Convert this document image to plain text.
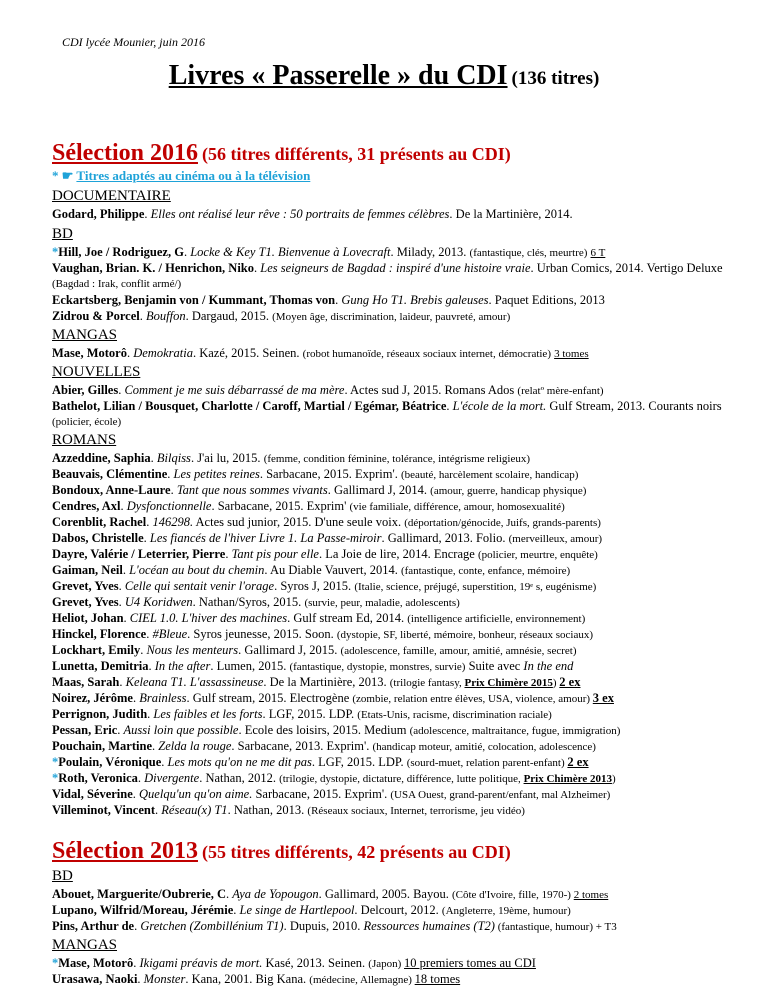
CDI lycée Mounier, juin 2016
Livres « Passerelle » du CDI (136 titres)
Sélection 2016 (56 titres différents, 31 présents au CDI)
* ☛ Titres adaptés au cinéma ou à la télévision
DOCUMENTAIRE
Godard, Philippe. Elles ont réalisé leur rêve : 50 portraits de femmes célèbres. De la Martinière, 2014.
BD
*Hill, Joe / Rodriguez, G. Locke & Key T1. Bienvenue à Lovecraft. Milady, 2013. (fantastique, clés, meurtre) 6 T
Vaughan, Brian. K. / Henrichon, Niko. Les seigneurs de Bagdad : inspiré d'une histoire vraie. Urban Comics, 2014. Vertigo Deluxe (Bagdad : Irak, conflit armé/)
Eckartsberg, Benjamin von / Kummant, Thomas von. Gung Ho T1. Brebis galeuses. Paquet Editions, 2013
Zidrou & Porcel. Bouffon. Dargaud, 2015. (Moyen âge, discrimination, laideur, pauvreté, amour)
MANGAS
Mase, Motorô. Demokratia. Kazé, 2015. Seinen. (robot humanoïde, réseaux sociaux internet, démocratie) 3 tomes
NOUVELLES
Abier, Gilles. Comment je me suis débarrassé de ma mère. Actes sud J, 2015. Romans Ados (relatº mère-enfant)
Bathelot, Lilian / Bousquet, Charlotte / Caroff, Martial / Egémar, Béatrice. L'école de la mort. Gulf Stream, 2013. Courants noirs (policier, école)
ROMANS
Azzeddine, Saphia. Bilqiss. J'ai lu, 2015. (femme, condition féminine, tolérance, intégrisme religieux)
Beauvais, Clémentine. Les petites reines. Sarbacane, 2015. Exprim'. (beauté, harcèlement scolaire, handicap)
Bondoux, Anne-Laure. Tant que nous sommes vivants. Gallimard J, 2014. (amour, guerre, handicap physique)
Cendres, Axl. Dysfonctionnelle. Sarbacane, 2015. Exprim' (vie familiale, différence, amour, homosexualité)
Corenblit, Rachel. 146298. Actes sud junior, 2015. D'une seule voix. (déportation/génocide, Juifs, grands-parents)
Dabos, Christelle. Les fiancés de l'hiver Livre 1. La Passe-miroir. Gallimard, 2013. Folio. (merveilleux, amour)
Dayre, Valérie / Leterrier, Pierre. Tant pis pour elle. La Joie de lire, 2014. Encrage (policier, meurtre, enquête)
Gaiman, Neil. L'océan au bout du chemin. Au Diable Vauvert, 2014. (fantastique, conte, enfance, mémoire)
Grevet, Yves. Celle qui sentait venir l'orage. Syros J, 2015. (Italie, science, préjugé, superstition, 19ᵉ s, eugénisme)
Grevet, Yves. U4 Koridwen. Nathan/Syros, 2015. (survie, peur, maladie, adolescents)
Heliot, Johan. CIEL 1.0. L'hiver des machines. Gulf stream Ed, 2014. (intelligence artificielle, environnement)
Hinckel, Florence. #Bleue. Syros jeunesse, 2015. Soon. (dystopie, SF, liberté, mémoire, bonheur, réseaux sociaux)
Lockhart, Emily. Nous les menteurs. Gallimard J, 2015. (adolescence, famille, amour, amitié, amnésie, secret)
Lunetta, Demitria. In the after. Lumen, 2015. (fantastique, dystopie, monstres, survie) Suite avec In the end
Maas, Sarah. Keleana T1. L'assassineuse. De la Martinière, 2013. (trilogie fantasy, Prix Chimère 2015) 2 ex
Noirez, Jérôme. Brainless. Gulf stream, 2015. Electrogène (zombie, relation entre élèves, USA, violence, amour) 3 ex
Perrignon, Judith. Les faibles et les forts. LGF, 2015. LDP. (Etats-Unis, racisme, discrimination raciale)
Pessan, Eric. Aussi loin que possible. Ecole des loisirs, 2015. Medium (adolescence, maltraitance, fugue, immigration)
Pouchain, Martine. Zelda la rouge. Sarbacane, 2013. Exprim'. (handicap moteur, amitié, colocation, adolescence)
*Poulain, Véronique. Les mots qu'on ne me dit pas. LGF, 2015. LDP. (sourd-muet, relation parent-enfant) 2 ex
*Roth, Veronica. Divergente. Nathan, 2012. (trilogie, dystopie, dictature, différence, lutte politique, Prix Chimère 2013)
Vidal, Séverine. Quelqu'un qu'on aime. Sarbacane, 2015. Exprim'. (USA Ouest, grand-parent/enfant, mal Alzheimer)
Villeminot, Vincent. Réseau(x) T1. Nathan, 2013. (Réseaux sociaux, Internet, terrorisme, jeu vidéo)
Sélection 2013 (55 titres différents, 42 présents au CDI)
BD
Abouet, Marguerite/Oubrerie, C. Aya de Yopougon. Gallimard, 2005. Bayou. (Côte d'Ivoire, fille, 1970-) 2 tomes
Lupano, Wilfrid/Moreau, Jérémie. Le singe de Hartlepool. Delcourt, 2012. (Angleterre, 19ème, humour)
Pins, Arthur de. Gretchen (Zombillénium T1). Dupuis, 2010. Ressources humaines (T2) (fantastique, humour) + T3
MANGAS
*Mase, Motorô. Ikigami préavis de mort. Kasé, 2013. Seinen. (Japon) 10 premiers tomes au CDI
Urasawa, Naoki. Monster. Kana, 2001. Big Kana. (médecine, Allemagne) 18 tomes
